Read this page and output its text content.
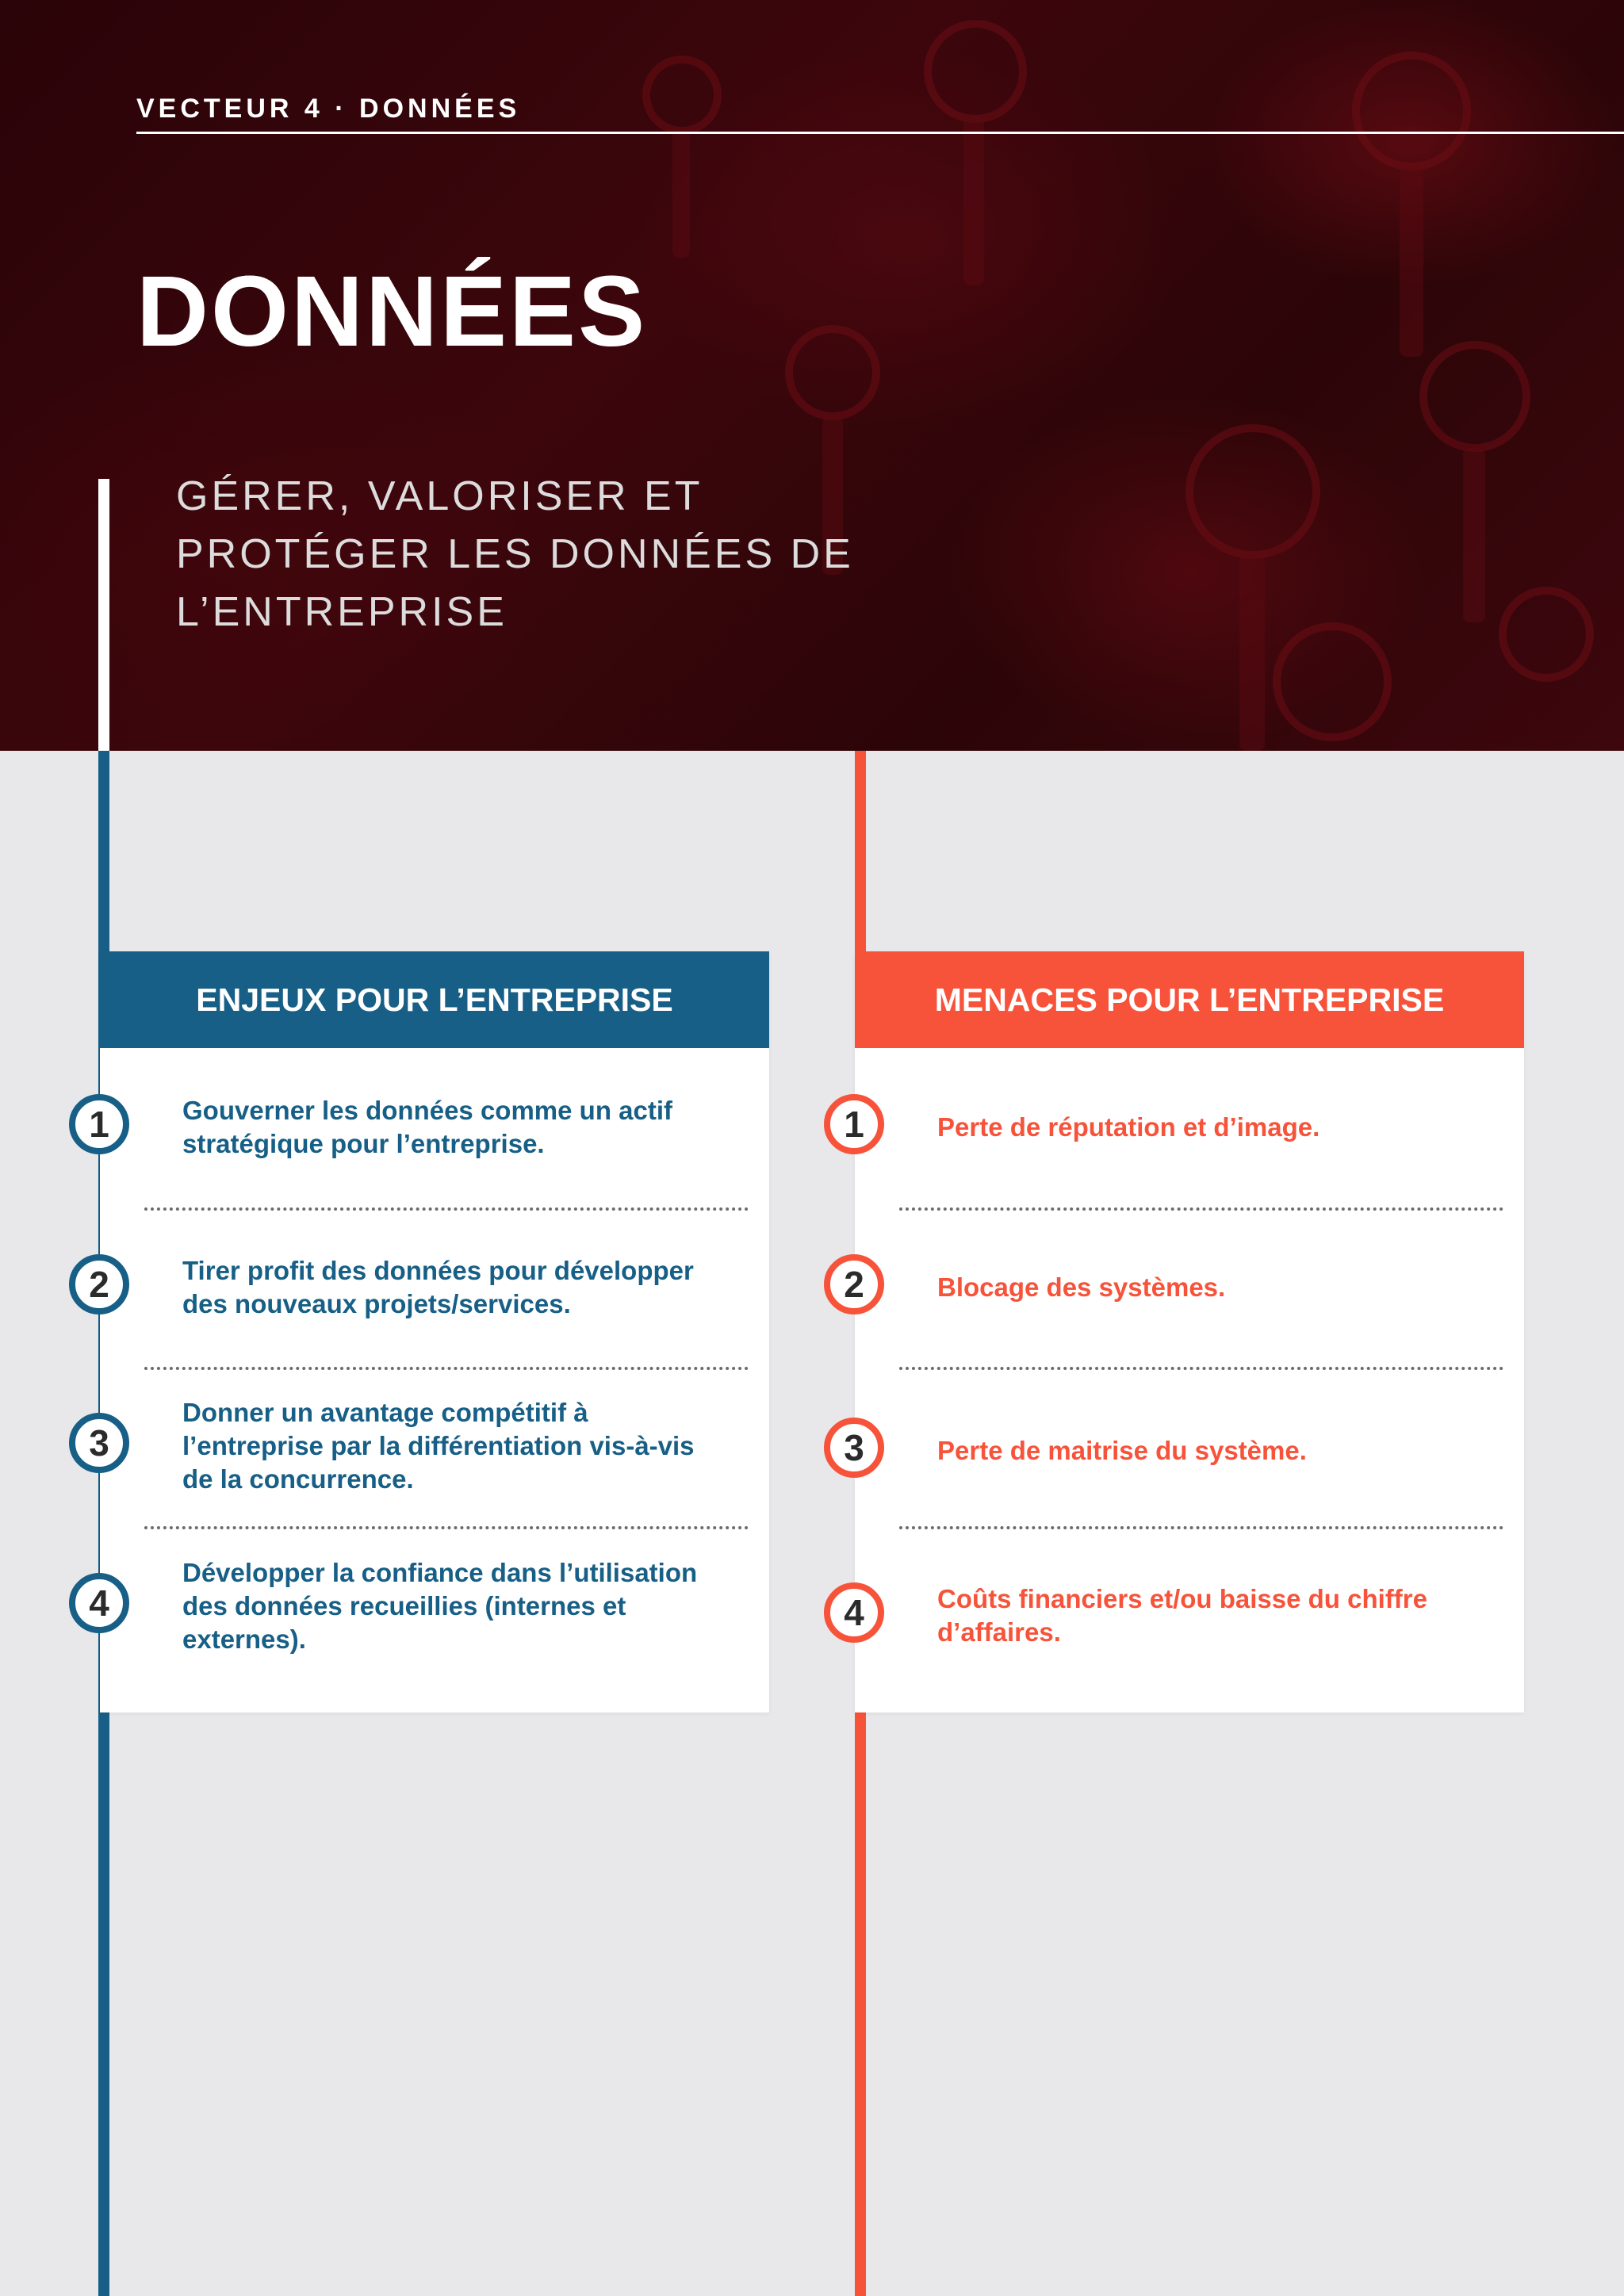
VECTEUR 4 · DONNÉES

DONNÉES

GÉRER, VALORISER ET
PROTÉGER LES DONNÉES DE
L’ENTREPRISE

ENJEUX POUR L’ENTREPRISE
1	Gouverner les données comme un actif stratégique pour l’entreprise.

2	Tirer profit des données pour développer des nouveaux projets/services.

3

Donner un avantage compétitif à l’entreprise par la différentiation vis-à-vis de la concurrence.

4

Développer la confiance dans l’utilisation des données recueillies (internes et externes).

MENACES POUR L’ENTREPRISE
1	Perte de réputation et d’image.

2	Blocage des systèmes.

3	Perte de maitrise du système.

4	Coûts financiers et/ou baisse du chiffre d’affaires.
